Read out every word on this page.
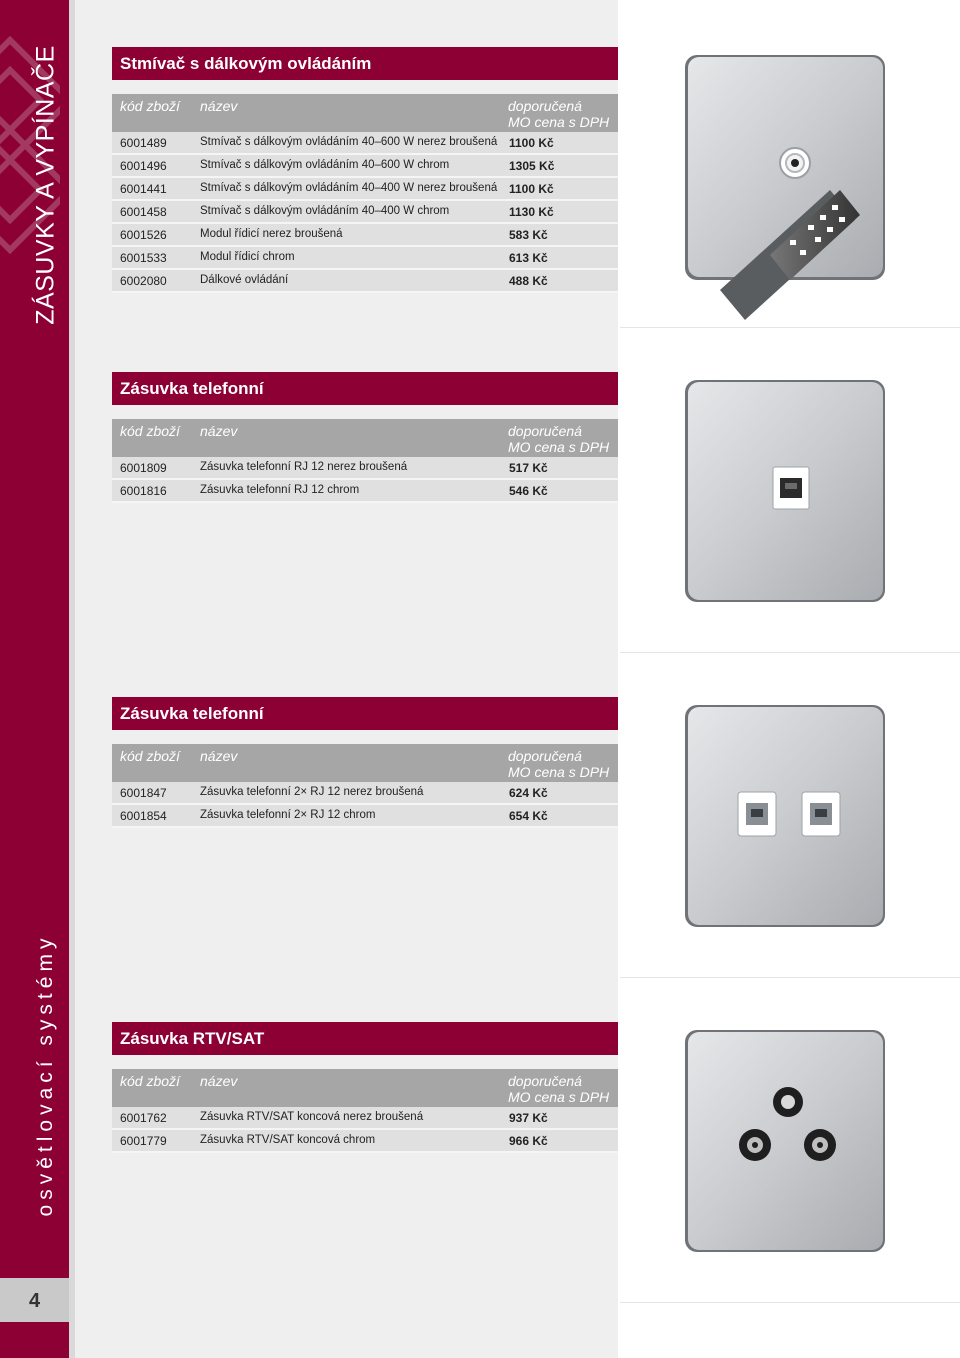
ZÁSUVKY A VYPÍNAČE
osvětlovací systémy
4
Stmívač s dálkovým ovládáním
kód zboží název	doporučená
MO cena s DPH
6001489	Stmívač s dálkovým ovládáním 40–600 W nerez broušená 1100 Kč
6001496	Stmívač s dálkovým ovládáním 40–600 W chrom	1305 Kč
6001441	Stmívač s dálkovým ovládáním 40–400 W nerez broušená 1100 Kč
6001458	Stmívač s dálkovým ovládáním 40–400 W chrom	1130 Kč
6001526	Modul řídicí nerez broušená	583 Kč
6001533	Modul řídicí chrom	613 Kč
6002080	Dálkové ovládání	488 Kč
Zásuvka telefonní
kód zboží název	doporučená
MO cena s DPH
6001809	Zásuvka telefonní RJ 12 nerez broušená	517 Kč
6001816	Zásuvka telefonní RJ 12 chrom	546 Kč
Zásuvka telefonní
kód zboží název	doporučená
MO cena s DPH
6001847	Zásuvka telefonní 2× RJ 12 nerez broušená	624 Kč
6001854	Zásuvka telefonní 2× RJ 12 chrom	654 Kč
Zásuvka RTV/SAT
kód zboží název	doporučená
MO cena s DPH
6001762	Zásuvka RTV/SAT koncová nerez broušená	937 Kč
6001779	Zásuvka RTV/SAT koncová chrom	966 Kč
